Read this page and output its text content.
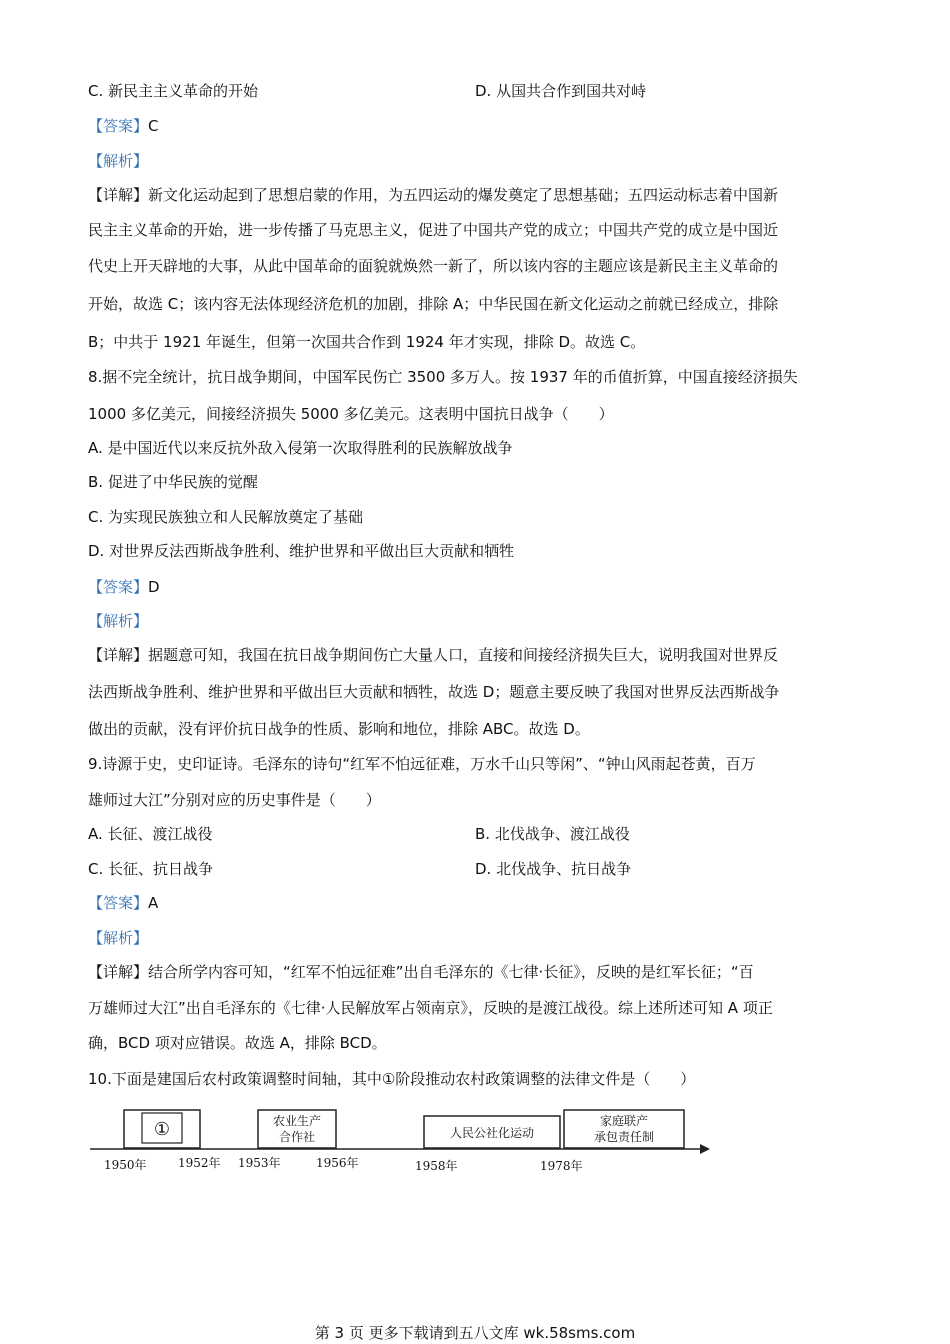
C. 新民主主义革命的开始	D. 从国共合作到国共对峙
【答案】C
【解析】
【详解】新文化运动起到了思想启蒙的作用，为五四运动的爆发奠定了思想基础；五四运动标志着中国新
民主主义革命的开始，进一步传播了马克思主义，促进了中国共产党的成立；中国共产党的成立是中国近
代史上开天辟地的大事，从此中国革命的面貌就焕然一新了，所以该内容的主题应该是新民主主义革命的
开始，故选 C；该内容无法体现经济危机的加剧，排除 A；中华民国在新文化运动之前就已经成立，排除
B；中共于 1921 年诞生，但第一次国共合作到 1924 年才实现，排除 D。故选 C。
8.据不完全统计，抗日战争期间，中国军民伤亡 3500 多万人。按 1937 年的币值折算，中国直接经济损失
1000 多亿美元，间接经济损失 5000 多亿美元。这表明中国抗日战争（　　）
A. 是中国近代以来反抗外敌入侵第一次取得胜利的民族解放战争
B. 促进了中华民族的觉醒
C. 为实现民族独立和人民解放奠定了基础
D. 对世界反法西斯战争胜利、维护世界和平做出巨大贡献和牺牲
【答案】D
【解析】
【详解】据题意可知，我国在抗日战争期间伤亡大量人口，直接和间接经济损失巨大，说明我国对世界反
法西斯战争胜利、维护世界和平做出巨大贡献和牺牲，故选 D；题意主要反映了我国对世界反法西斯战争
做出的贡献，没有评价抗日战争的性质、影响和地位，排除 ABC。故选 D。
9.诗源于史，史印证诗。毛泽东的诗句“红军不怕远征难，万水千山只等闲”、“钟山风雨起苍黄，百万
雄师过大江”分别对应的历史事件是（　　）
A. 长征、渡江战役	B. 北伐战争、渡江战役
C. 长征、抗日战争	D. 北伐战争、抗日战争
【答案】A
【解析】
【详解】结合所学内容可知，“红军不怕远征难”出自毛泽东的《七律·长征》，反映的是红军长征；“百
万雄师过大江”出自毛泽东的《七律·人民解放军占领南京》，反映的是渡江战役。综上述所述可知 A 项正
确，BCD 项对应错误。故选 A，排除 BCD。
10.下面是建国后农村政策调整时间轴，其中①阶段推动农村政策调整的法律文件是（　　）
①	农业生产
合作社	人民公社化运动
家庭联产
承包责任制
1950年	1952年 1953年	1956年	1958年	1978年
第 3 页 更多下载请到五八文库 wk.58sms.com
